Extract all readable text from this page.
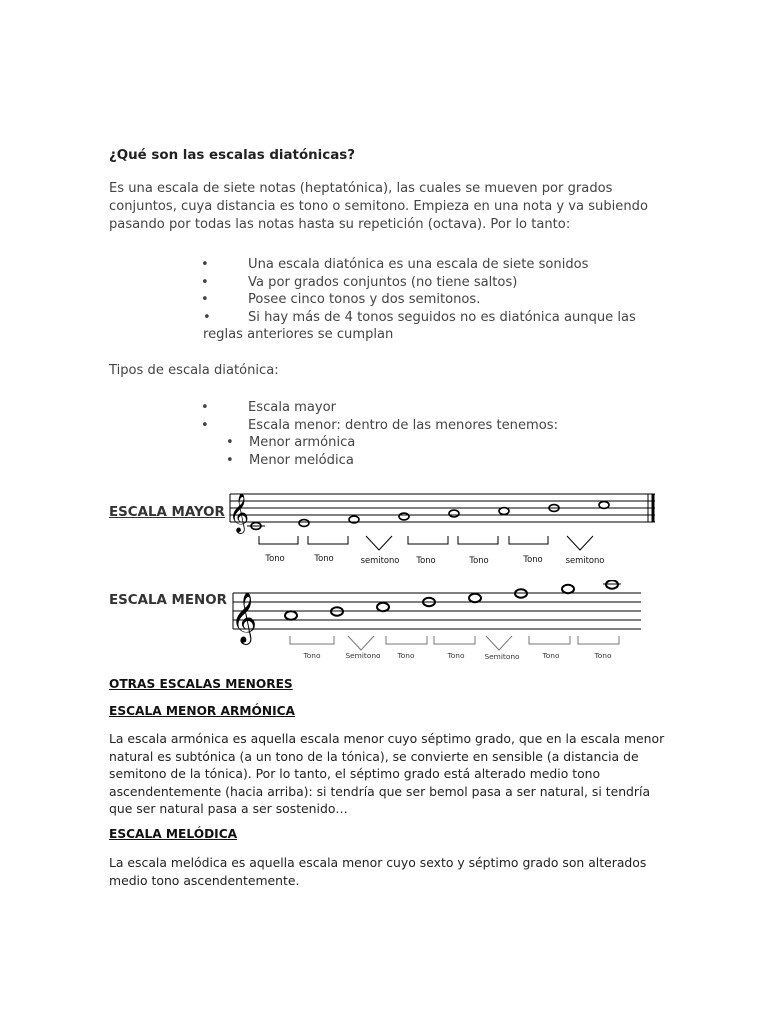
¿Qué son las escalas diatónicas?

Es una escala de siete notas (heptatónica), las cuales se mueven por grados conjuntos, cuya distancia es tono o semitono. Empieza en una nota y va subiendo pasando por todas las notas hasta su repetición (octava). Por lo tanto:

•	Una escala diatónica es una escala de siete sonidos
•	Va por grados conjuntos (no tiene saltos)
•	Posee cinco tonos y dos semitonos.
•	Si hay más de 4 tonos seguidos no es diatónica aunque las reglas anteriores se cumplan

Tipos de escala diatónica:

•	Escala mayor
•	Escala menor: dentro de las menores tenemos:
• Menor armónica
• Menor melódica
ESCALA MAYOR 𝄞
Tono	Tono	semitono Tono	Tono	Tono	semitono
ESCALA MENOR 𝄞
Tono	Semitono Tono	Tono	Semitono	Tono	Tono
OTRAS ESCALAS MENORES
ESCALA MENOR ARMÓNICA

La escala armónica es aquella escala menor cuyo séptimo grado, que en la escala menor natural es subtónica (a un tono de la tónica), se convierte en sensible (a distancia de semitono de la tónica). Por lo tanto, el séptimo grado está alterado medio tono ascendentemente (hacia arriba): si tendría que ser bemol pasa a ser natural, si tendría que ser natural pasa a ser sostenido…

ESCALA MELÓDICA

La escala melódica es aquella escala menor cuyo sexto y séptimo grado son alterados medio tono ascendentemente.
